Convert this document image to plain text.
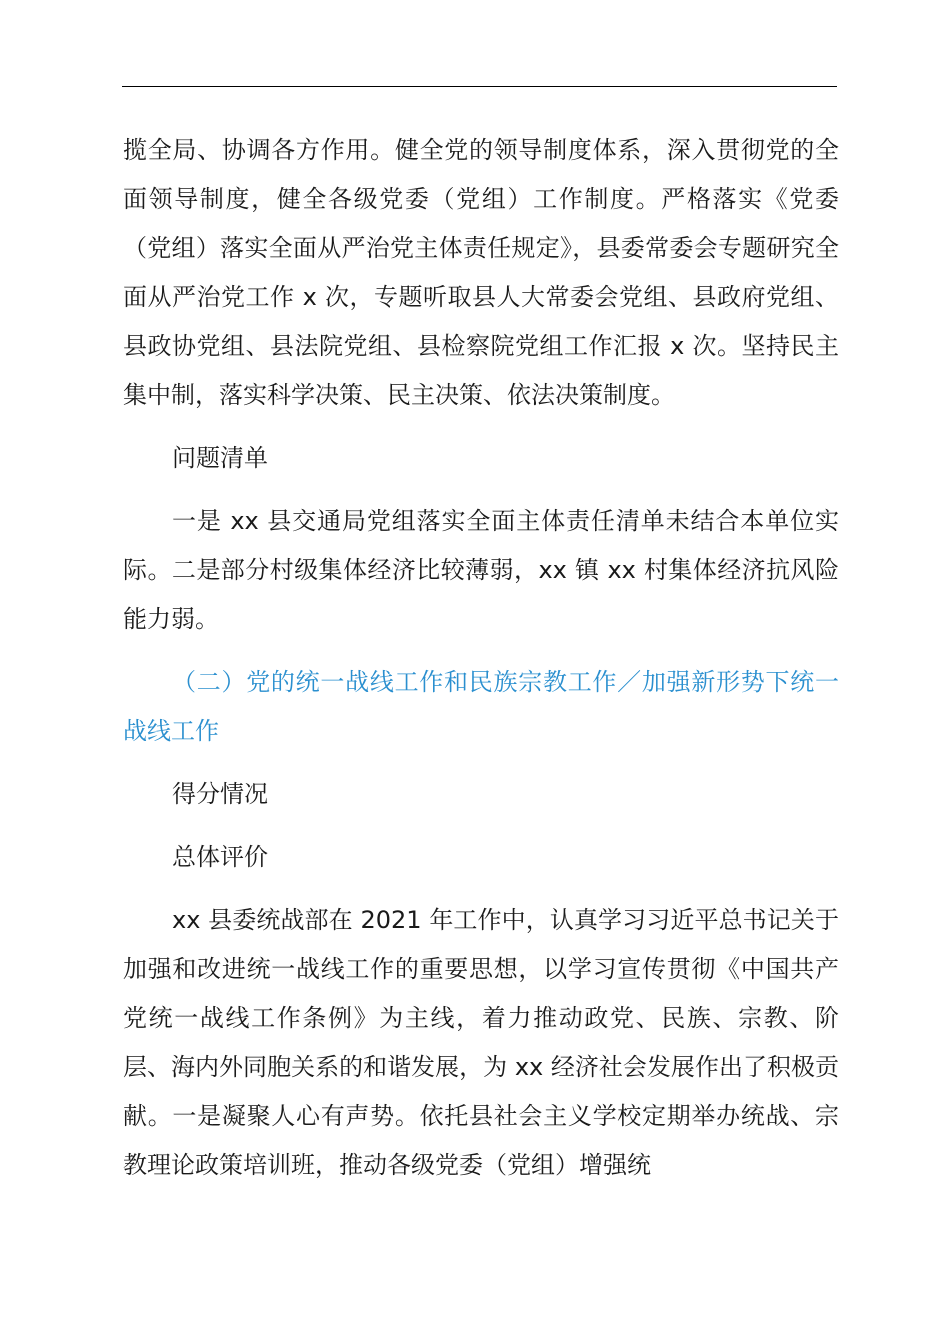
揽全局、协调各方作用。健全党的领导制度体系，深入贯彻党的全面领导制度，健全各级党委（党组）工作制度。严格落实《党委（党组）落实全面从严治党主体责任规定》，县委常委会专题研究全面从严治党工作 x 次，专题听取县人大常委会党组、县政府党组、县政协党组、县法院党组、县检察院党组工作汇报 x 次。坚持民主集中制，落实科学决策、民主决策、依法决策制度。

问题清单

一是 xx 县交通局党组落实全面主体责任清单未结合本单位实际。二是部分村级集体经济比较薄弱，xx 镇 xx 村集体经济抗风险能力弱。

（二）党的统一战线工作和民族宗教工作／加强新形势下统一战线工作

得分情况

总体评价

xx 县委统战部在 2021 年工作中，认真学习习近平总书记关于加强和改进统一战线工作的重要思想，以学习宣传贯彻《中国共产党统一战线工作条例》为主线，着力推动政党、民族、宗教、阶层、海内外同胞关系的和谐发展，为 xx 经济社会发展作出了积极贡献。一是凝聚人心有声势。依托县社会主义学校定期举办统战、宗教理论政策培训班，推动各级党委（党组）增强统
